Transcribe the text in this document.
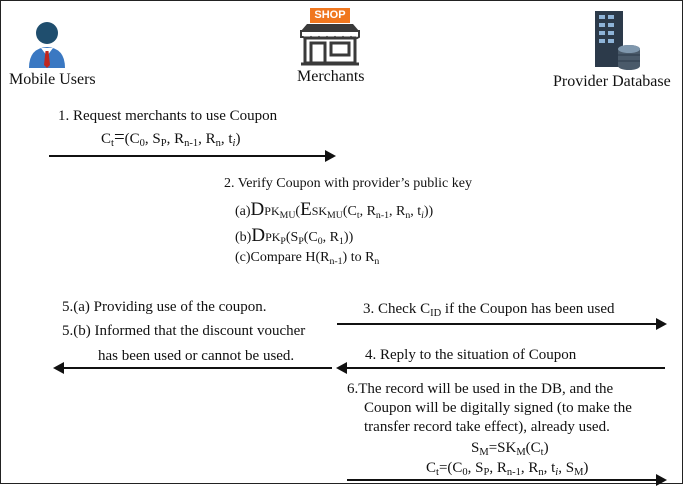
Mobile Users
SHOP
Merchants	Provider Database
1. Request merchants to use Coupon
$C_t=(C_0$, $S_P$, $R_{n-1}$, $R_n$, $t_i$)
2. Verify Coupon with provider’s public key
$(a)DPK_{MU}(ESK_{MU}(C_t$, $R_{n-1}$, $R_n$, $t_i$))
$(b)DPK_P(S_P(C_0$, $R_1$))
(c)Compare $H(R_{n-1})$ to $R_n$
3. Check $C_{ID}$ if the Coupon has been used
5.(a) Providing use of the coupon.
5.(b) Informed that the discount voucher
has been used or cannot be used.	4. Reply to the situation of Coupon
6.The record will be used in the DB, and the
Coupon will be digitally signed (to make the
transfer record take effect), already used.
$S_M=SK_M(C_t)$
$C_t=(C_0$, $S_P$, $R_{n-1}$, $R_n$, $t_i$, $S_M$)
